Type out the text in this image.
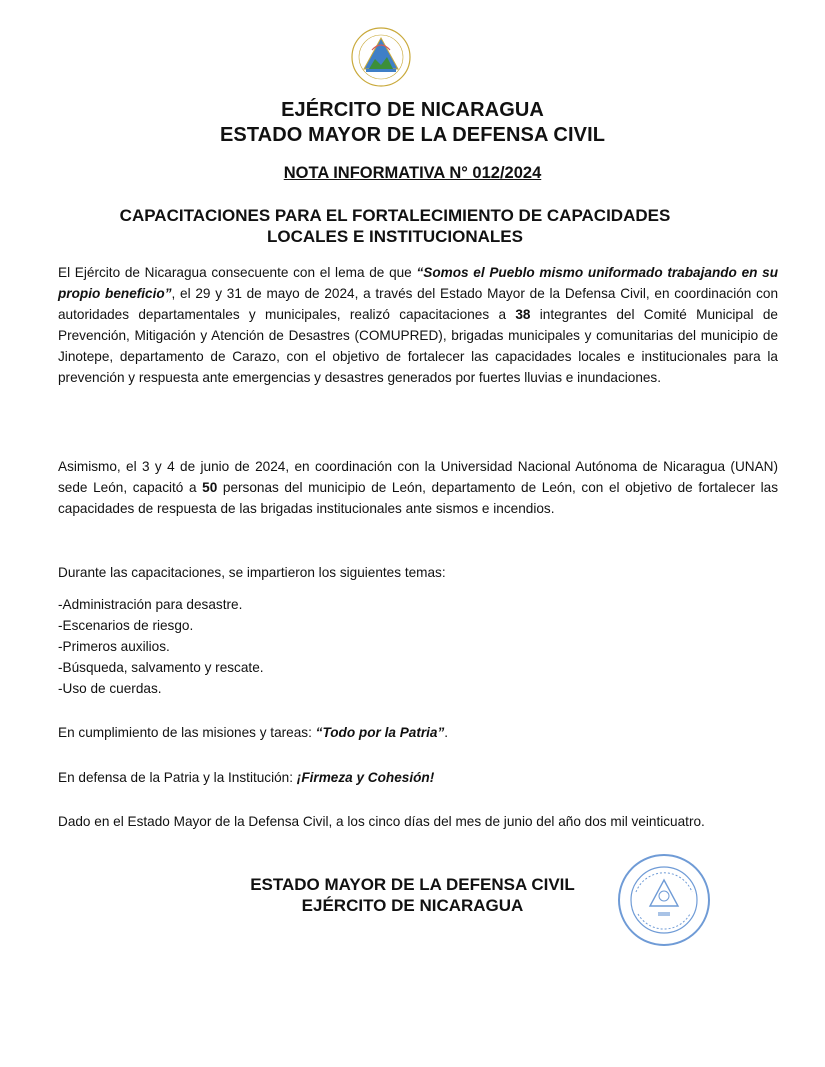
EJÉRCITO DE NICARAGUA
ESTADO MAYOR DE LA DEFENSA CIVIL
NOTA INFORMATIVA N° 012/2024
CAPACITACIONES PARA EL FORTALECIMIENTO DE CAPACIDADES
LOCALES E INSTITUCIONALES

El Ejército de Nicaragua consecuente con el lema de que “Somos el Pueblo mismo uniformado trabajando en su propio beneficio”, el 29 y 31 de mayo de 2024, a través del Estado Mayor de la Defensa Civil, en coordinación con autoridades departamentales y municipales, realizó capacitaciones a 38 integrantes del Comité Municipal de Prevención, Mitigación y Atención de Desastres (COMUPRED), brigadas municipales y comunitarias del municipio de Jinotepe, departamento de Carazo, con el objetivo de fortalecer las capacidades locales e institucionales para la prevención y respuesta ante emergencias y desastres generados por fuertes lluvias e inundaciones.

Asimismo, el 3 y 4 de junio de 2024, en coordinación con la Universidad Nacional Autónoma de Nicaragua (UNAN) sede León, capacitó a 50 personas del municipio de León, departamento de León, con el objetivo de fortalecer las capacidades de respuesta de las brigadas institucionales ante sismos e incendios.

Durante las capacitaciones, se impartieron los siguientes temas:

-Administración para desastre.
-Escenarios de riesgo.
-Primeros auxilios.
-Búsqueda, salvamento y rescate.
-Uso de cuerdas.

En cumplimiento de las misiones y tareas: “Todo por la Patria”.

En defensa de la Patria y la Institución: ¡Firmeza y Cohesión!

Dado en el Estado Mayor de la Defensa Civil, a los cinco días del mes de junio del año dos mil veinticuatro.

ESTADO MAYOR DE LA DEFENSA CIVIL
EJÉRCITO DE NICARAGUA
